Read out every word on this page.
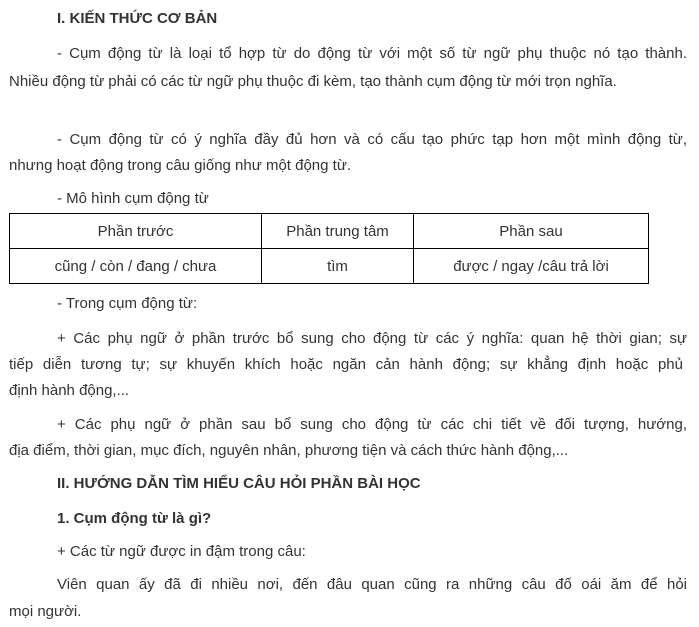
I. KIẾN THỨC CƠ BẢN
- Cụm động từ là loại tổ hợp từ do động từ với một số từ ngữ phụ thuộc nó tạo thành.
Nhiều động từ phải có các từ ngữ phụ thuộc đi kèm, tạo thành cụm động từ mới trọn nghĩa.
- Cụm động từ có ý nghĩa đầy đủ hơn và có cấu tạo phức tạp hơn một mình động từ,
nhưng hoạt động trong câu giống như một động từ.
- Mô hình cụm động từ
Phần trước	Phần trung tâm	Phần sau
cũng / còn / đang / chưa	tìm	được / ngay /câu trả lời
- Trong cụm động từ:
+ Các phụ ngữ ở phần trước bổ sung cho động từ các ý nghĩa: quan hệ thời gian; sự
tiếp diễn tương tự; sự khuyến khích hoặc ngăn cản hành động; sự khẳng định hoặc phủ
định hành động,...
+ Các phụ ngữ ở phần sau bổ sung cho động từ các chi tiết về đối tượng, hướng,
địa điểm, thời gian, mục đích, nguyên nhân, phương tiện và cách thức hành động,...
II. HƯỚNG DẪN TÌM HIỂU CÂU HỎI PHẦN BÀI HỌC
1. Cụm động từ là gì?
+ Các từ ngữ được in đậm trong câu:
Viên quan ấy đã đi nhiều nơi, đến đâu quan cũng ra những câu đố oái ăm để hỏi
mọi người.
